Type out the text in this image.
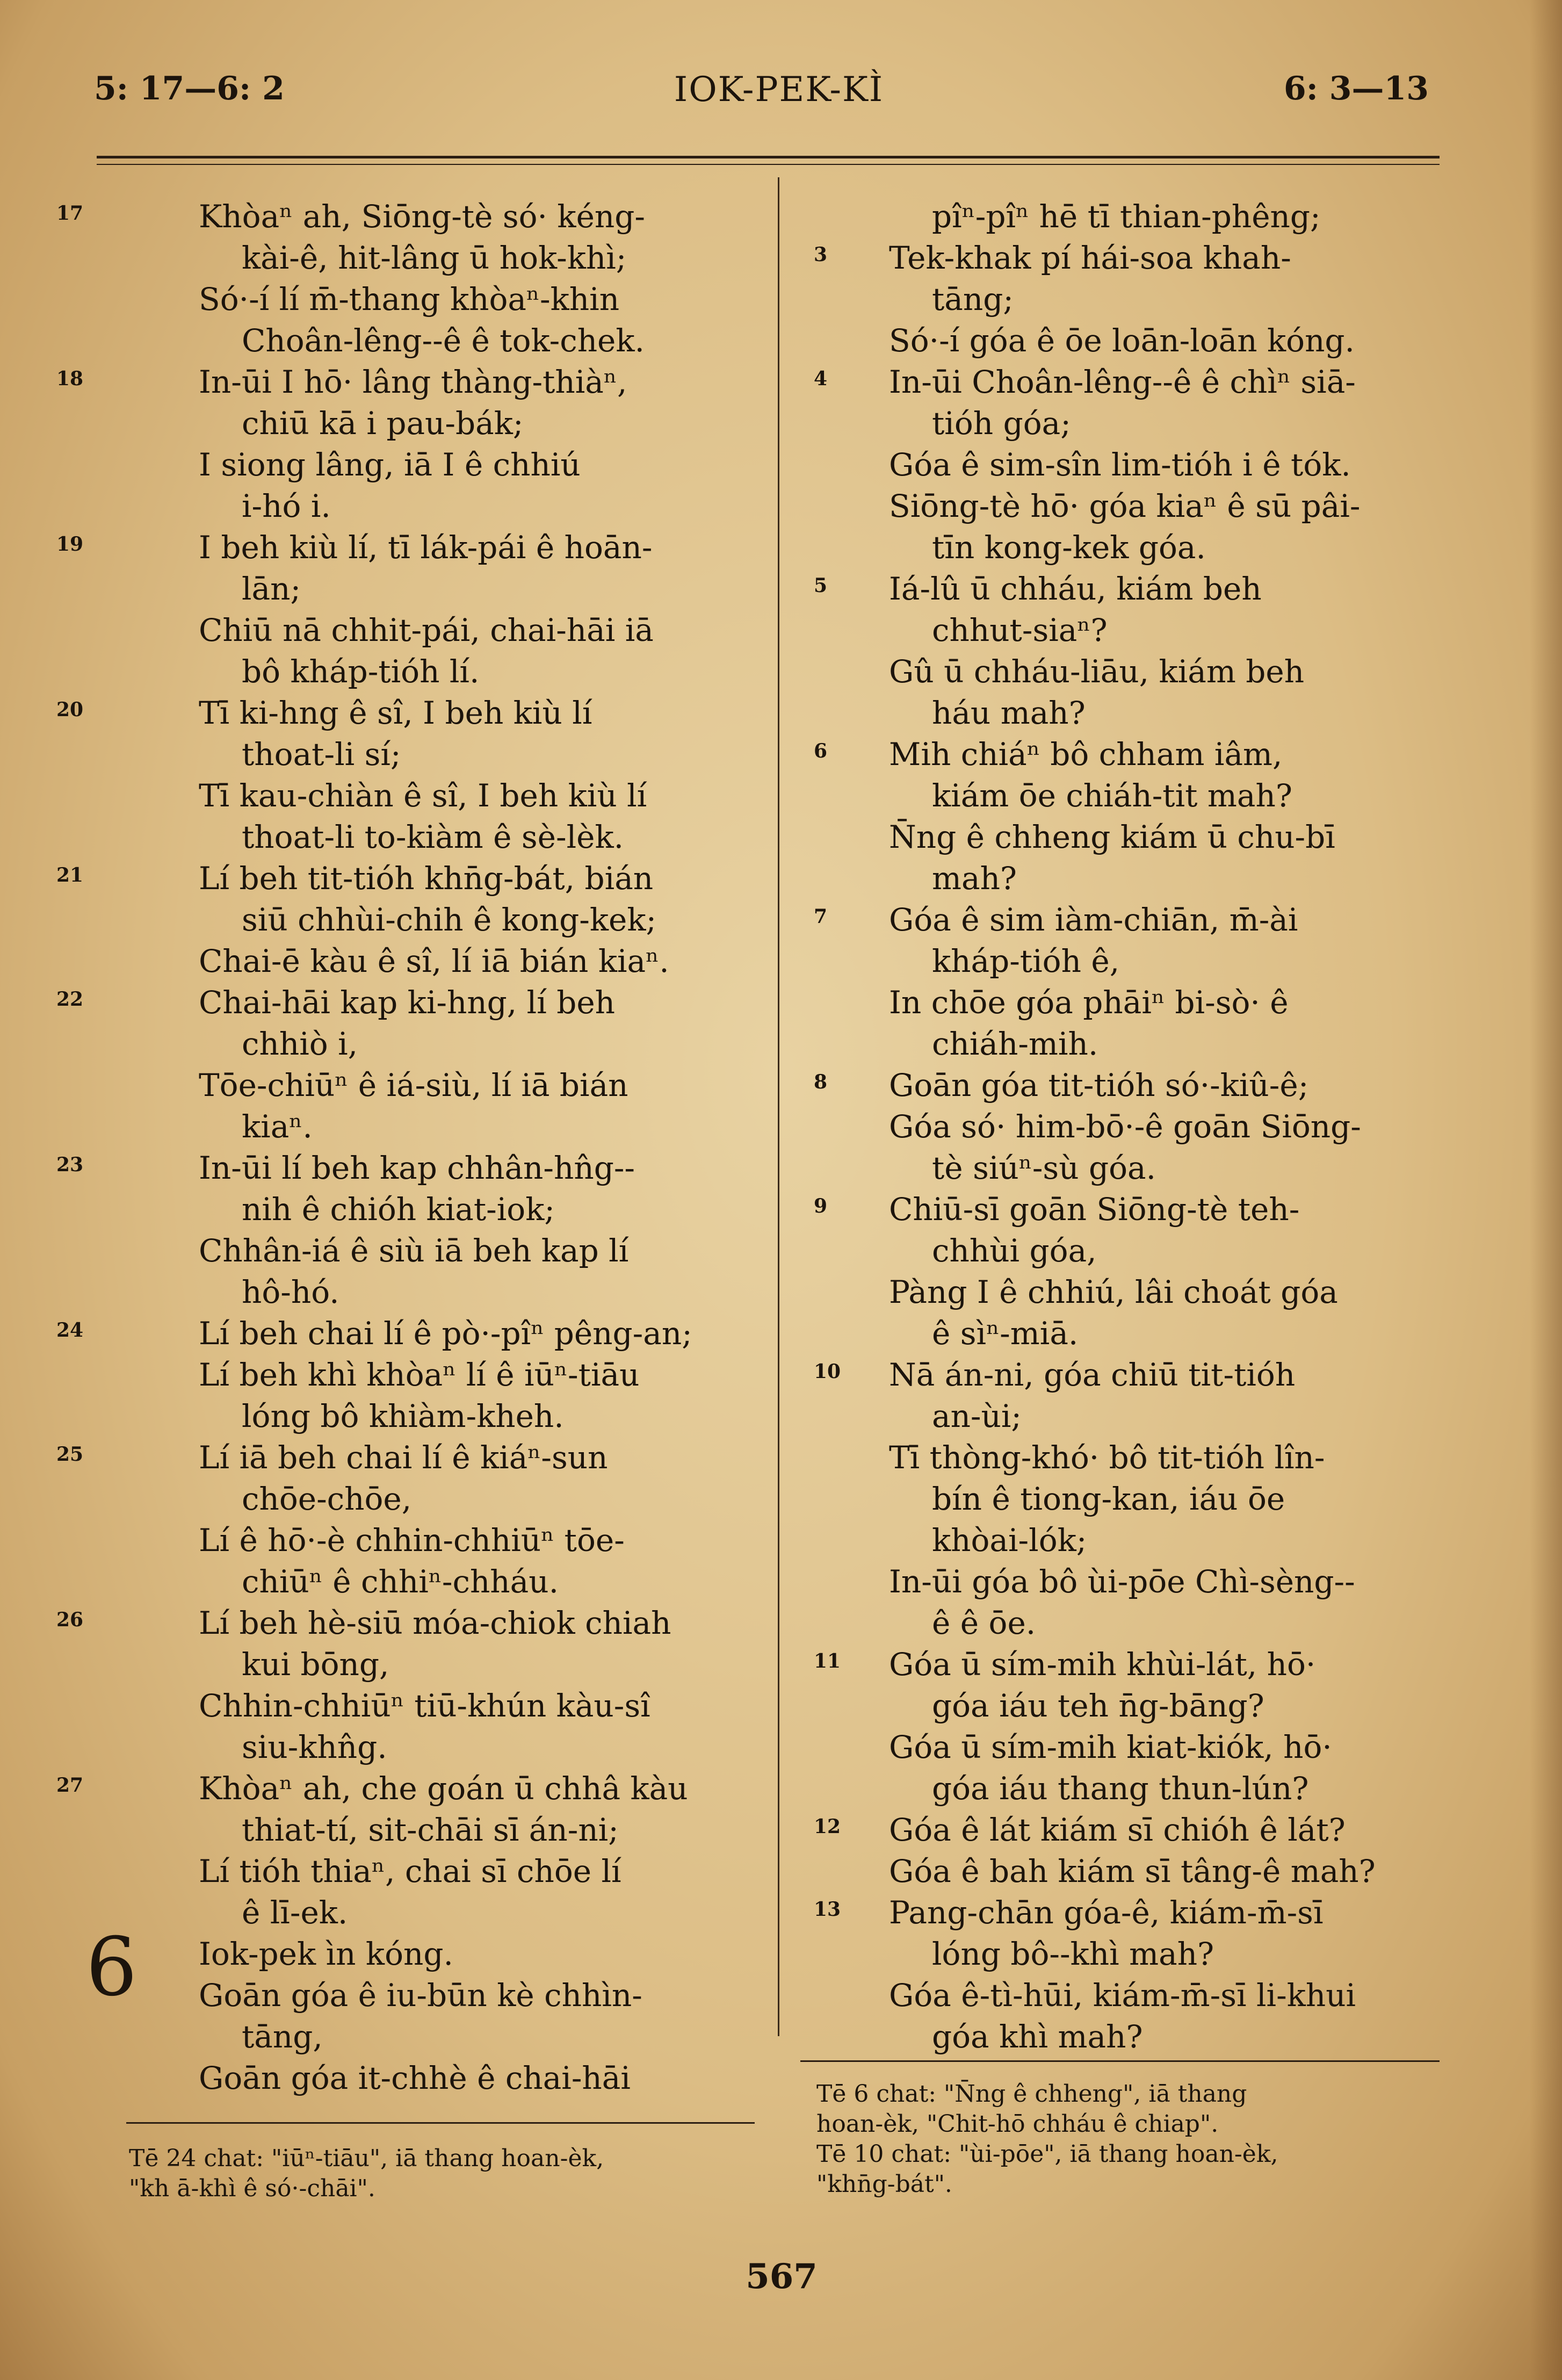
5: 17—6: 2	IOK-PEK-KÌ	6: 3—13
Khòaⁿ ah, Siōng-tè só· kéng-
17
kài-ê, hit-lâng ū hok-khì;
Só·-í lí m̄-thang khòaⁿ-khin
Choân-lêng--ê ê tok-chek.
In-ūi I hō· lâng thàng-thiàⁿ,
18
chiū kā i pau-bák;
I siong lâng, iā I ê chhiú
i-hó i.
I beh kiù lí, tī lák-pái ê hoān-
19
lān;
Chiū nā chhit-pái, chai-hāi iā
bô kháp-tióh lí.
Tī ki-hng ê sî, I beh kiù lí
20
thoat-li sí;
Tī kau-chiàn ê sî, I beh kiù lí
thoat-li to-kiàm ê sè-lèk.
Lí beh tit-tióh khn̄g-bát, bián
21
siū chhùi-chih ê kong-kek;
Chai-ē kàu ê sî, lí iā bián kiaⁿ.
Chai-hāi kap ki-hng, lí beh
22
chhiò i,
Tōe-chiūⁿ ê iá-siù, lí iā bián
kiaⁿ.
In-ūi lí beh kap chhân-hn̂g--
23
nih ê chióh kiat-iok;
Chhân-iá ê siù iā beh kap lí
hô-hó.
Lí beh chai lí ê pò·-pîⁿ pêng-an;
24
Lí beh khì khòaⁿ lí ê iūⁿ-tiāu
lóng bô khiàm-kheh.
Lí iā beh chai lí ê kiáⁿ-sun
25
chōe-chōe,
Lí ê hō·-è chhin-chhiūⁿ tōe-
chiūⁿ ê chhiⁿ-chháu.
Lí beh hè-siū móa-chiok chiah
26
kui bōng,
Chhin-chhiūⁿ tiū-khún kàu-sî
siu-khn̂g.
Khòaⁿ ah, che goán ū chhâ kàu
27
thiat-tí, sit-chāi sī án-ni;
Lí tióh thiaⁿ, chai sī chōe lí
ê lī-ek.
Iok-pek ìn kóng.
6 Goān góa ê iu-būn kè chhìn-
tāng,
Goān góa it-chhè ê chai-hāi
pîⁿ-pîⁿ hē tī thian-phêng;
Tek-khak pí hái-soa khah-
3
tāng;
Só·-í góa ê ōe loān-loān kóng.
In-ūi Choân-lêng--ê ê chìⁿ siā-
4
tióh góa;
Góa ê sim-sîn lim-tióh i ê tók.
Siōng-tè hō· góa kiaⁿ ê sū pâi-
tīn kong-kek góa.
Iá-lû ū chháu, kiám beh
5
chhut-siaⁿ?
Gû ū chháu-liāu, kiám beh
háu mah?
Mih chiáⁿ bô chham iâm,
6
kiám ōe chiáh-tit mah?
N̄ng ê chheng kiám ū chu-bī
mah?
Góa ê sim iàm-chiān, m̄-ài
7
kháp-tióh ê,
In chōe góa phāiⁿ bi-sò· ê
chiáh-mih.
Goān góa tit-tióh só·-kiû-ê;
8
Góa só· him-bō·-ê goān Siōng-
tè siúⁿ-sù góa.
Chiū-sī goān Siōng-tè teh-
9
chhùi góa,
Pàng I ê chhiú, lâi choát góa
ê sìⁿ-miā.
Nā án-ni, góa chiū tit-tióh
10
an-ùi;
Tī thòng-khó· bô tit-tióh lîn-
bín ê tiong-kan, iáu ōe
khòai-lók;
In-ūi góa bô ùi-pōe Chì-sèng--
ê ê ōe.
Góa ū sím-mih khùi-lát, hō·
11
góa iáu teh n̄g-bāng?
Góa ū sím-mih kiat-kiók, hō·
góa iáu thang thun-lún?
Góa ê lát kiám sī chióh ê lát?
12
Góa ê bah kiám sī tâng-ê mah?
Pang-chān góa-ê, kiám-m̄-sī
13
lóng bô--khì mah?
Góa ê-tì-hūi, kiám-m̄-sī li-khui
góa khì mah?
Tē 24 chat: "iūⁿ-tiāu", iā thang hoan-èk,
"kh ā-khì ê só·-chāi".
Tē 6 chat: "N̄ng ê chheng", iā thang
hoan-èk, "Chit-hō chháu ê chiap".
Tē 10 chat: "ùi-pōe", iā thang hoan-èk,
"khn̄g-bát".
567
